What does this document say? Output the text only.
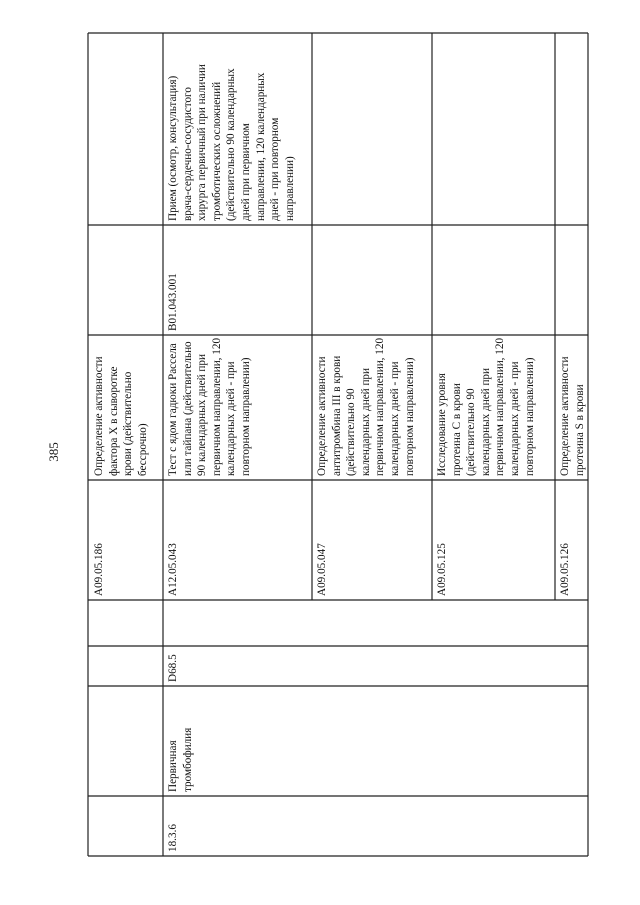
385
18.3.6
Первичная
тромбофилия
D68.5
A09.05.186
Определение активности
фактора X в сыворотке
крови (действительно
бессрочно)
A12.05.043
Тест с ядом гадюки Рассела
или тайпана (действительно
90 календарных дней при
первичном направлении, 120
календарных дней - при
повторном направлении)
B01.043.001
Прием (осмотр, консультация)
врача-сердечно-сосудистого
хирурга первичный при наличии
тромботических осложнений
(действительно 90 календарных
дней при первичном
направлении, 120 календарных
дней - при повторном
направлении)
A09.05.047
Определение активности
антитромбина III в крови
(действительно 90
календарных дней при
первичном направлении, 120
календарных дней - при
повторном направлении)
A09.05.125
Исследование уровня
протеина С в крови
(действительно 90
календарных дней при
первичном направлении, 120
календарных дней - при
повторном направлении)
A09.05.126
Определение активности
протеина S в крови
